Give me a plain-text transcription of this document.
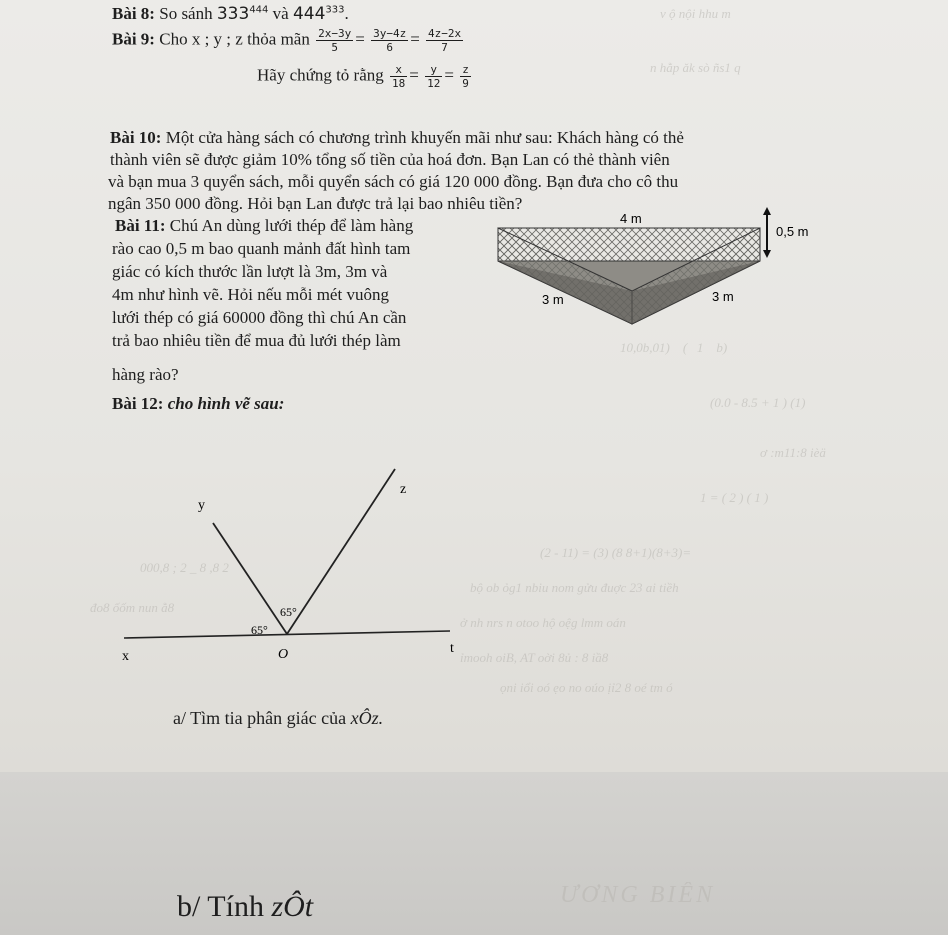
ν ộ nội hhu m
n hằp ǎk sò ñs1 q
10,0b,01)    (   1    b)
(0.0 - 8.5 + 1 ) (1)
ơ :m11:8 ièä
1 = ( 2 ) ( 1 )
(2 ‑ 11) = (3) (8 8+1)(8+3)=
bộ ob ỏg1 nbiu nom gửu đuợc 23 ai tiềh
ở nh nrs n otoo hộ oệg lmm oán
ỉmooh oiB, AT oời 8ủ : 8 iầ8
ọni iổi oó ẹo no oúo ịỉ2 8 oé tm ó
000,8 ; 2 _ 8 ,8 2
đo8 ốốm nun ằ8
Bài 8: So sánh $333^{444}$ và $444^{333}$.
Bài 9: Cho x ; y ; z thỏa mãn $\frac{2x-3y}{5} = \frac{3y-4z}{6} = \frac{4z-2x}{7}$
Hãy chứng tỏ rằng $\frac{x}{18} = \frac{y}{12} = \frac{z}{9}$
Bài 10: Một cửa hàng sách có chương trình khuyến mãi như sau: Khách hàng có thẻ
thành viên sẽ được giảm 10% tổng số tiền của hoá đơn. Bạn Lan có thẻ thành viên
và bạn mua 3 quyển sách, mỗi quyển sách có giá 120 000 đồng. Bạn đưa cho cô thu
ngân 350 000 đồng. Hỏi bạn Lan được trả lại bao nhiêu tiền?
Bài 11: Chú An dùng lưới thép để làm hàng
rào cao 0,5 m bao quanh mảnh đất hình tam
giác có kích thước lần lượt là 3m, 3m và
4m như hình vẽ. Hỏi nếu mỗi mét vuông
lưới thép có giá 60000 đồng thì chú An cần
trả bao nhiêu tiền để mua đủ lưới thép làm
hàng rào?
4 m
0,5 m
3 m	3 m
Bài 12: cho hình vẽ sau:
y
z
x
t
O
65°
65°
a/ Tìm tia phân giác của xÔz.
ƯƠNG BIÊN
b/ Tính zÔt
